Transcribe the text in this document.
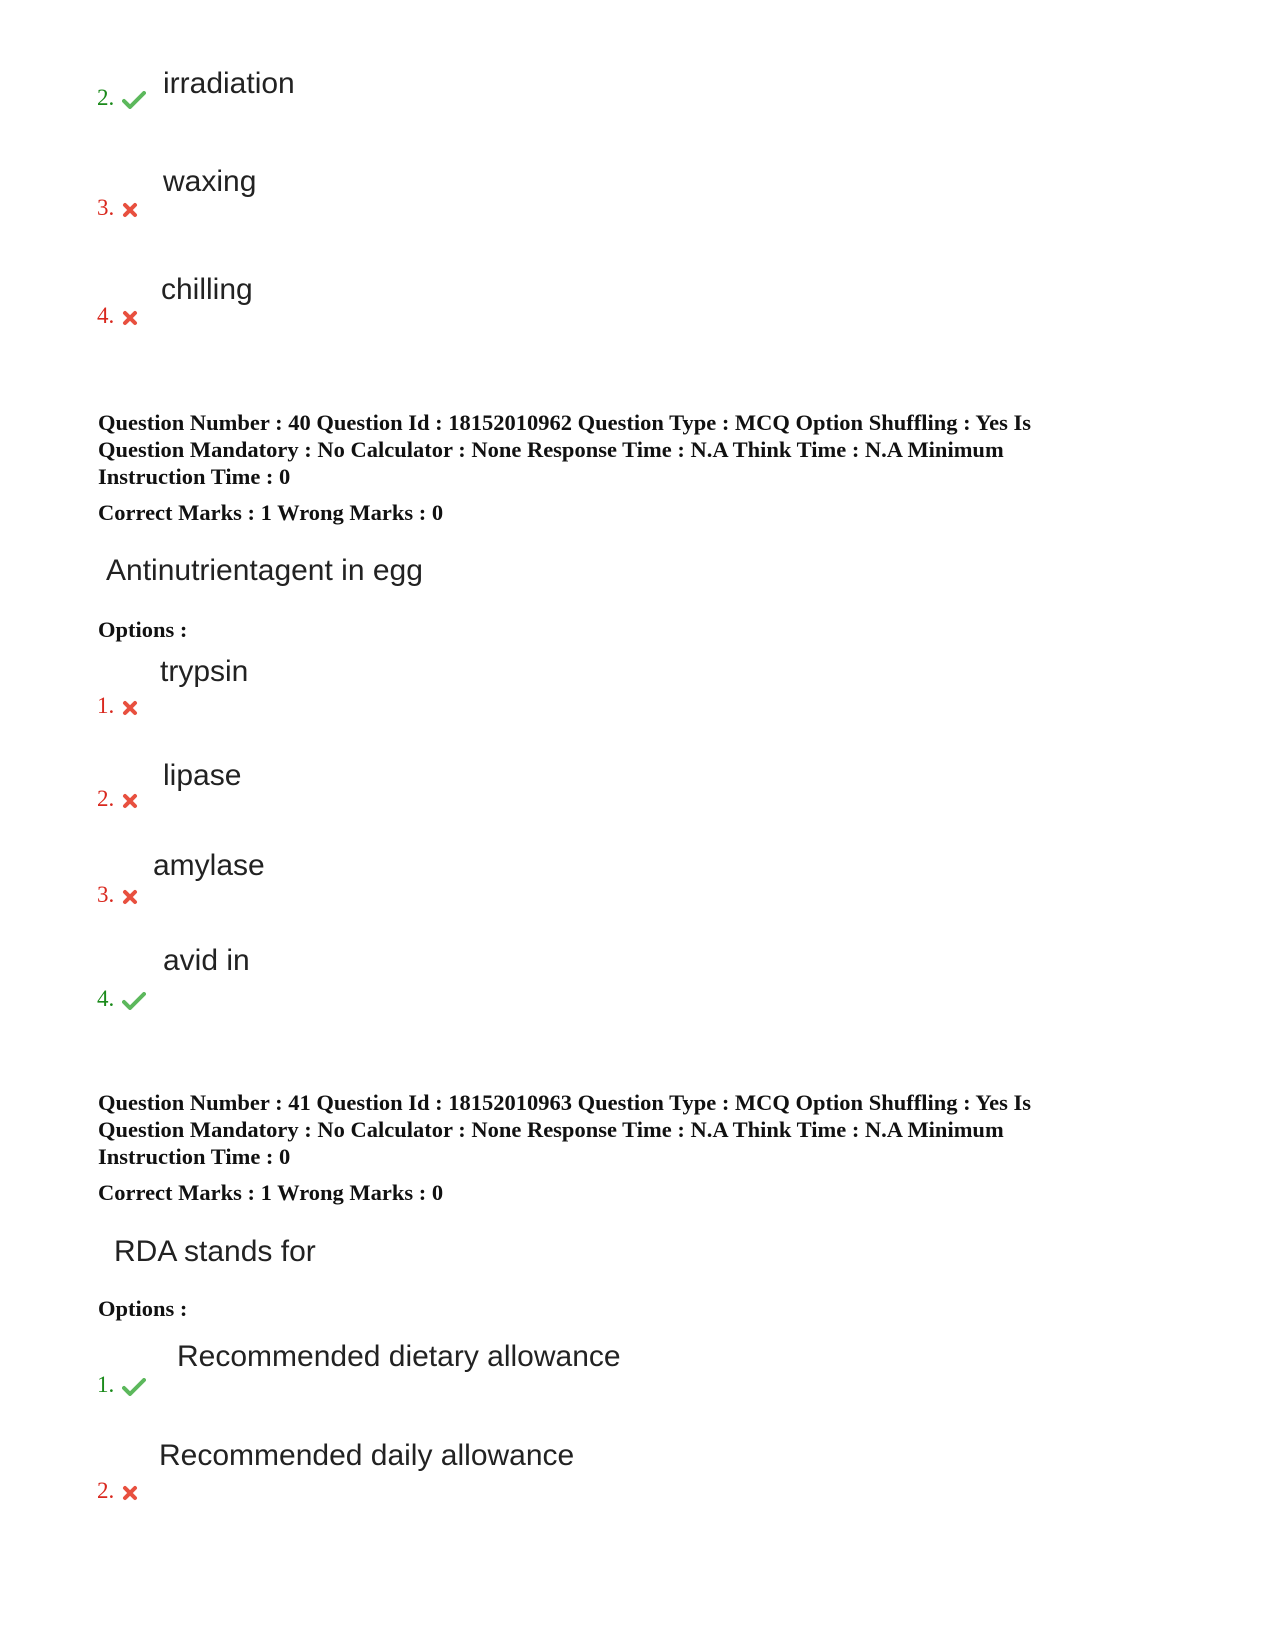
irradiation
2.
waxing
3.
chilling
4.
Question Number : 40 Question Id : 18152010962 Question Type : MCQ Option Shuffling : Yes Is
Question Mandatory : No Calculator : None Response Time : N.A Think Time : N.A Minimum
Instruction Time : 0
Correct Marks : 1 Wrong Marks : 0
Antinutrientagent in egg
Options :
trypsin
1.
lipase
2.
amylase
3.
avid in
4.
Question Number : 41 Question Id : 18152010963 Question Type : MCQ Option Shuffling : Yes Is
Question Mandatory : No Calculator : None Response Time : N.A Think Time : N.A Minimum
Instruction Time : 0
Correct Marks : 1 Wrong Marks : 0
RDA stands for
Options :
Recommended dietary allowance
1.
Recommended daily allowance
2.
